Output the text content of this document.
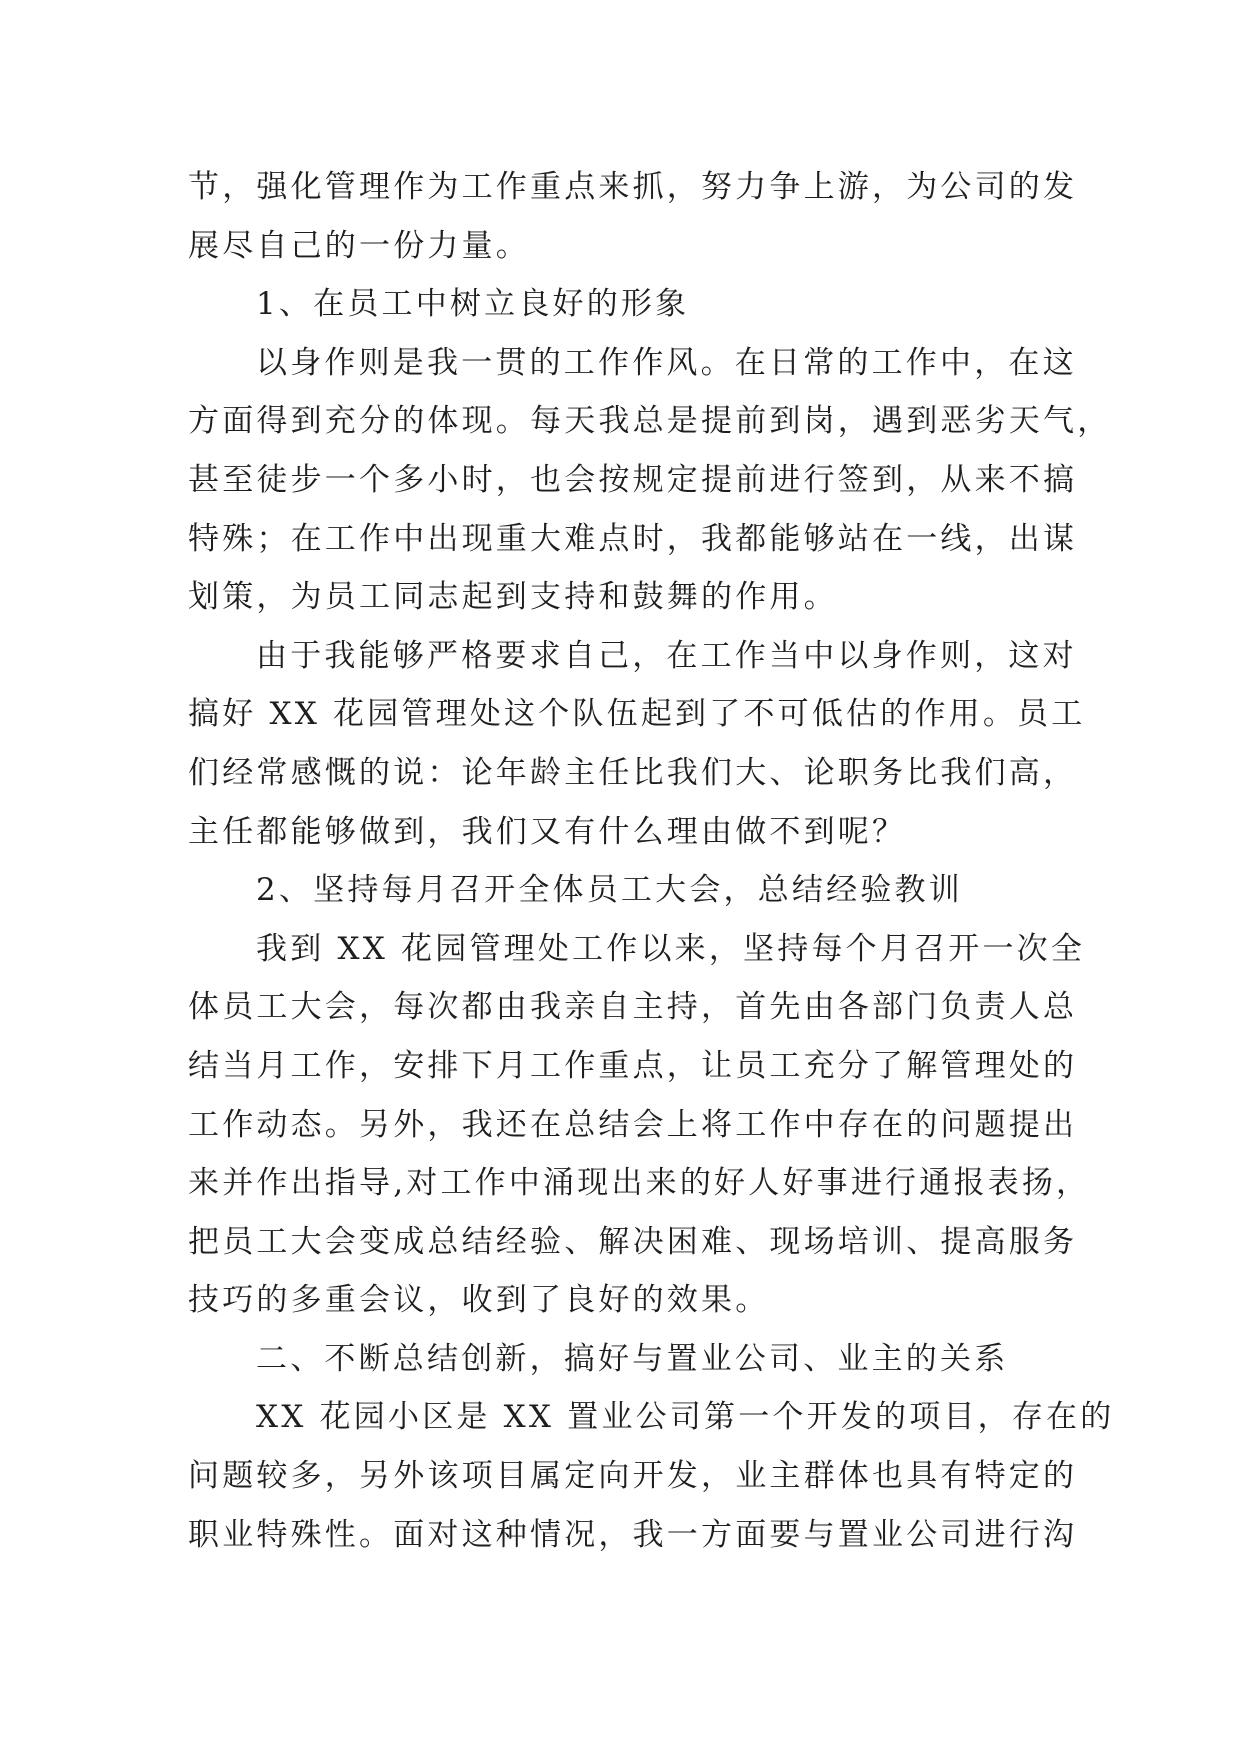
节，强化管理作为工作重点来抓，努力争上游，为公司的发
展尽自己的一份力量。
1、在员工中树立良好的形象
以身作则是我一贯的工作作风。在日常的工作中，在这
方面得到充分的体现。每天我总是提前到岗，遇到恶劣天气，
甚至徒步一个多小时，也会按规定提前进行签到，从来不搞
特殊；在工作中出现重大难点时，我都能够站在一线，出谋
划策，为员工同志起到支持和鼓舞的作用。
由于我能够严格要求自己，在工作当中以身作则，这对
搞好 XX 花园管理处这个队伍起到了不可低估的作用。员工
们经常感慨的说：论年龄主任比我们大、论职务比我们高，
主任都能够做到，我们又有什么理由做不到呢？
2、坚持每月召开全体员工大会，总结经验教训
我到 XX 花园管理处工作以来，坚持每个月召开一次全
体员工大会，每次都由我亲自主持，首先由各部门负责人总
结当月工作，安排下月工作重点，让员工充分了解管理处的
工作动态。另外，我还在总结会上将工作中存在的问题提出
来并作出指导,对工作中涌现出来的好人好事进行通报表扬，
把员工大会变成总结经验、解决困难、现场培训、提高服务
技巧的多重会议，收到了良好的效果。
二、不断总结创新，搞好与置业公司、业主的关系
XX 花园小区是 XX 置业公司第一个开发的项目，存在的
问题较多，另外该项目属定向开发，业主群体也具有特定的
职业特殊性。面对这种情况，我一方面要与置业公司进行沟
